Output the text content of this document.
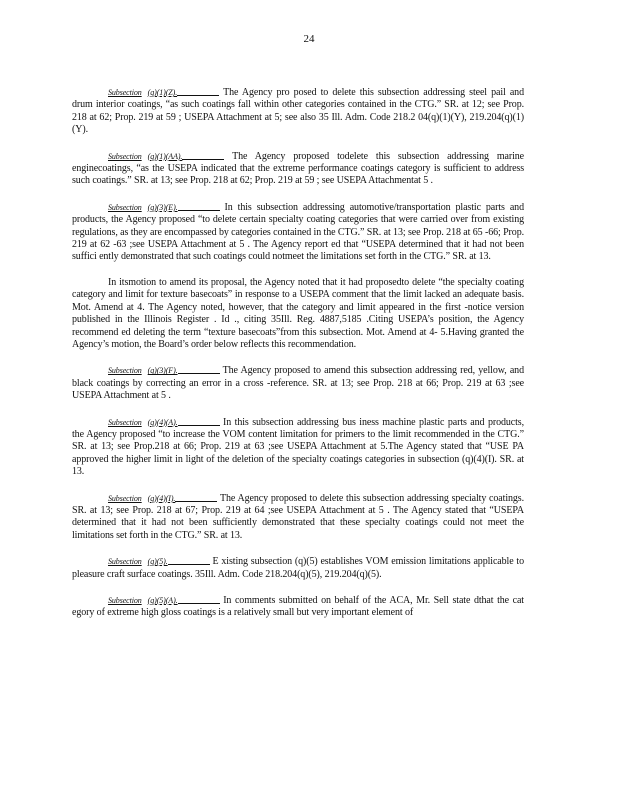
24

Subsection (q)(1)(Z).	The Agency pro posed to delete this subsection addressing steel pail and drum interior coatings, “as such coatings fall within other categories contained in the CTG.” SR. at 12; see Prop. 218 at 62; Prop. 219 at 59 ; USEPA Attachment at 5; see also 35 Ill. Adm. Code 218.2 04(q)(1)(Y), 219.204(q)(1)(Y).

Subsection (q)(1)(AA).	The Agency proposed todelete this subsection addressing marine enginecoatings, “as the USEPA indicated that the extreme performance coatings category is sufficient to address such coatings.” SR. at 13; see Prop. 218 at 62; Prop. 219 at 59 ; see USEPA Attachmentat 5 .

Subsection (q)(3)(E).	In this subsection addressing automotive/transportation plastic parts and products, the Agency proposed “to delete certain specialty coating categories that were carried over from existing regulations, as they are encompassed by categories contained in the CTG.” SR. at 13; see Prop. 218 at 65 -66; Prop. 219 at 62 -63 ;see USEPA Attachment at 5 . The Agency report ed that “USEPA determined that it had not been suffici ently demonstrated that such coatings could notmeet the limitations set forth in the CTG.” SR. at 13.

In itsmotion to amend its proposal, the Agency noted that it had proposedto delete “the specialty coating category and limit for texture basecoats” in response to a USEPA comment that the limit lacked an adequate basis. Mot. Amend at 4. The Agency noted, however, that the category and limit appeared in the first -notice version published in the Illinois Register . Id ., citing 35Ill. Reg. 4887,5185 .Citing USEPA’s position, the Agency recommend ed deleting the term “texture basecoats”from this subsection. Mot. Amend at 4- 5.Having granted the Agency’s motion, the Board’s order below reflects this recommendation.

Subsection (q)(3)(F).	The Agency proposed to amend this subsection addressing red, yellow, and black coatings by correcting an error in a cross -reference. SR. at 13; see Prop. 218 at 66; Prop. 219 at 63 ;see USEPA Attachment at 5 .

Subsection (q)(4)(A).	In this subsection addressing bus iness machine plastic parts and products, the Agency proposed “to increase the VOM content limitation for primers to the limit recommended in the CTG.” SR. at 13; see Prop.218 at 66; Prop. 219 at 63 ;see USEPA Attachment at 5.The Agency stated that “USE PA approved the higher limit in light of the deletion of the specialty coatings categories in subsection (q)(4)(I). SR. at 13.

Subsection (q)(4)(I).	The Agency proposed to delete this subsection addressing specialty coatings. SR. at 13; see Prop. 218 at 67; Prop. 219 at 64 ;see USEPA Attachment at 5 . The Agency stated that “USEPA determined that it had not been sufficiently demonstrated that these specialty coatings could not meet the limitations set forth in the CTG.” SR. at 13.

Subsection (q)(5).	E xisting subsection (q)(5) establishes VOM emission limitations applicable to pleasure craft surface coatings. 35Ill. Adm. Code 218.204(q)(5), 219.204(q)(5).

Subsection (q)(5)(A).	In comments submitted on behalf of the ACA, Mr. Sell state dthat the cat egory of extreme high gloss coatings is a relatively small but very important element of
